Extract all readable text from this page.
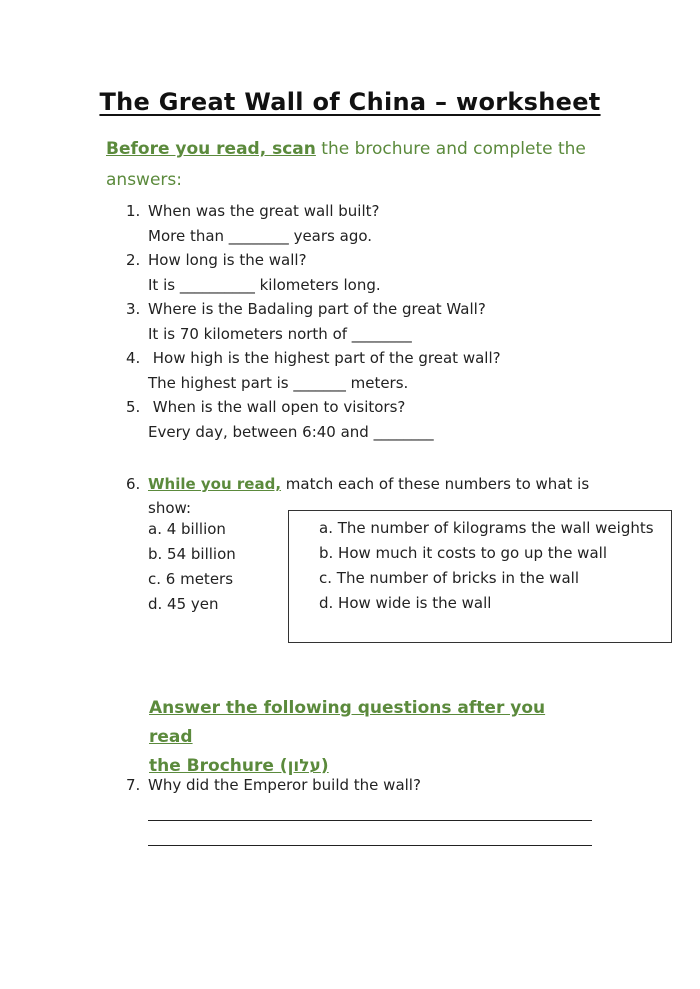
The Great Wall of China – worksheet
Before you read, scan the brochure and complete the answers:
1. When was the great wall built?
More than ________ years ago.
2. How long is the wall?
It is __________ kilometers long.
3. Where is the Badaling part of the great Wall?
It is 70 kilometers north of ________
4. How high is the highest part of the great wall?
The highest part is _______ meters.
5. When is the wall open to visitors?
Every day, between 6:40 and ________
6. While you read, match each of these numbers to what is
show:
a. 4 billion
b. 54 billion
c. 6 meters
d. 45 yen
a. The number of kilograms the wall weights
b. How much it costs to go up the wall
c. The number of bricks in the wall
d. How wide is the wall
Answer the following questions after you read
the Brochure (עלון)
7. Why did the Emperor build the wall?
